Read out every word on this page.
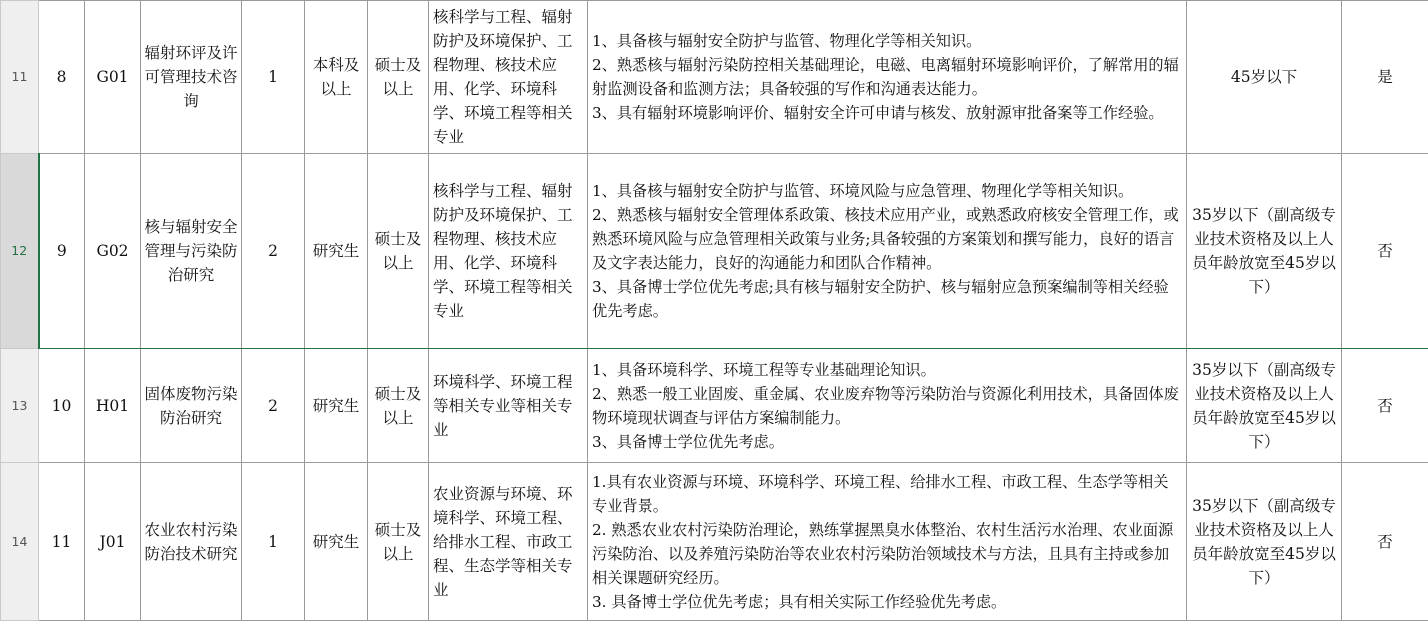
11	8	G01	辐射环评及许可管理技术咨询	1	本科及以上	硕士及以上	核科学与工程、辐射防护及环境保护、工程物理、核技术应用、化学、环境科学、环境工程等相关专业	1、具备核与辐射安全防护与监管、物理化学等相关知识。
2、熟悉核与辐射污染防控相关基础理论，电磁、电离辐射环境影响评价，了解常用的辐射监测设备和监测方法；具备较强的写作和沟通表达能力。
3、具有辐射环境影响评价、辐射安全许可申请与核发、放射源审批备案等工作经验。	45岁以下	是
12	9	G02	核与辐射安全管理与污染防治研究	2	研究生	硕士及以上	核科学与工程、辐射防护及环境保护、工程物理、核技术应用、化学、环境科学、环境工程等相关专业	1、具备核与辐射安全防护与监管、环境风险与应急管理、物理化学等相关知识。
2、熟悉核与辐射安全管理体系政策、核技术应用产业，或熟悉政府核安全管理工作，或熟悉环境风险与应急管理相关政策与业务;具备较强的方案策划和撰写能力，良好的语言及文字表达能力，良好的沟通能力和团队合作精神。
3、具备博士学位优先考虑;具有核与辐射安全防护、核与辐射应急预案编制等相关经验优先考虑。	35岁以下（副高级专业技术资格及以上人员年龄放宽至45岁以下）	否
13	10	H01	固体废物污染防治研究	2	研究生	硕士及以上	环境科学、环境工程等相关专业等相关专业	1、具备环境科学、环境工程等专业基础理论知识。
2、熟悉一般工业固废、重金属、农业废弃物等污染防治与资源化利用技术，具备固体废物环境现状调查与评估方案编制能力。
3、具备博士学位优先考虑。	35岁以下（副高级专业技术资格及以上人员年龄放宽至45岁以下）	否
14	11	J01	农业农村污染防治技术研究	1	研究生	硕士及以上	农业资源与环境、环境科学、环境工程、给排水工程、市政工程、生态学等相关专业	1.具有农业资源与环境、环境科学、环境工程、给排水工程、市政工程、生态学等相关专业背景。
2. 熟悉农业农村污染防治理论，熟练掌握黑臭水体整治、农村生活污水治理、农业面源污染防治、以及养殖污染防治等农业农村污染防治领域技术与方法，且具有主持或参加相关课题研究经历。
3. 具备博士学位优先考虑；具有相关实际工作经验优先考虑。	35岁以下（副高级专业技术资格及以上人员年龄放宽至45岁以下）	否
